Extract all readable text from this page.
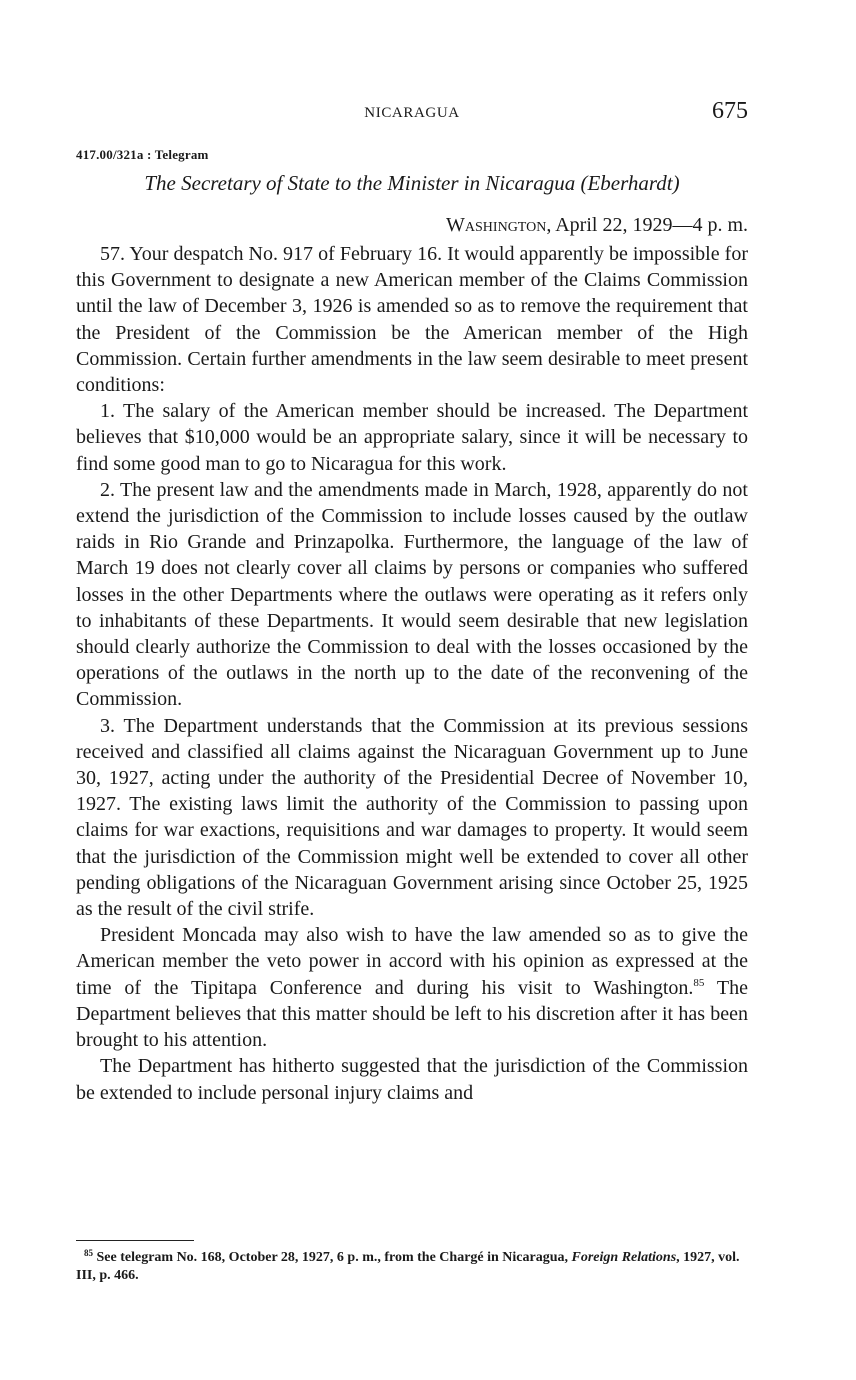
NICARAGUA	675
417.00/321a : Telegram
The Secretary of State to the Minister in Nicaragua (Eberhardt)
Washington, April 22, 1929—4 p. m.

57. Your despatch No. 917 of February 16. It would apparently be impossible for this Government to designate a new American member of the Claims Commission until the law of December 3, 1926 is amended so as to remove the requirement that the President of the Commission be the American member of the High Commission. Certain further amendments in the law seem desirable to meet present conditions:

1. The salary of the American member should be increased. The Department believes that $10,000 would be an appropriate salary, since it will be necessary to find some good man to go to Nicaragua for this work.

2. The present law and the amendments made in March, 1928, apparently do not extend the jurisdiction of the Commission to include losses caused by the outlaw raids in Rio Grande and Prinzapolka. Furthermore, the language of the law of March 19 does not clearly cover all claims by persons or companies who suffered losses in the other Departments where the outlaws were operating as it refers only to inhabitants of these Departments. It would seem desirable that new legislation should clearly authorize the Commission to deal with the losses occasioned by the operations of the outlaws in the north up to the date of the reconvening of the Commission.

3. The Department understands that the Commission at its previous sessions received and classified all claims against the Nicaraguan Government up to June 30, 1927, acting under the authority of the Presidential Decree of November 10, 1927. The existing laws limit the authority of the Commission to passing upon claims for war exactions, requisitions and war damages to property. It would seem that the jurisdiction of the Commission might well be extended to cover all other pending obligations of the Nicaraguan Government arising since October 25, 1925 as the result of the civil strife.

President Moncada may also wish to have the law amended so as to give the American member the veto power in accord with his opinion as expressed at the time of the Tipitapa Conference and during his visit to Washington.$^{85}$ The Department believes that this matter should be left to his discretion after it has been brought to his attention.

The Department has hitherto suggested that the jurisdiction of the Commission be extended to include personal injury claims and

$^{85}$ See telegram No. 168, October 28, 1927, 6 p. m., from the Chargé in Nicaragua, Foreign Relations, 1927, vol. III, p. 466.
